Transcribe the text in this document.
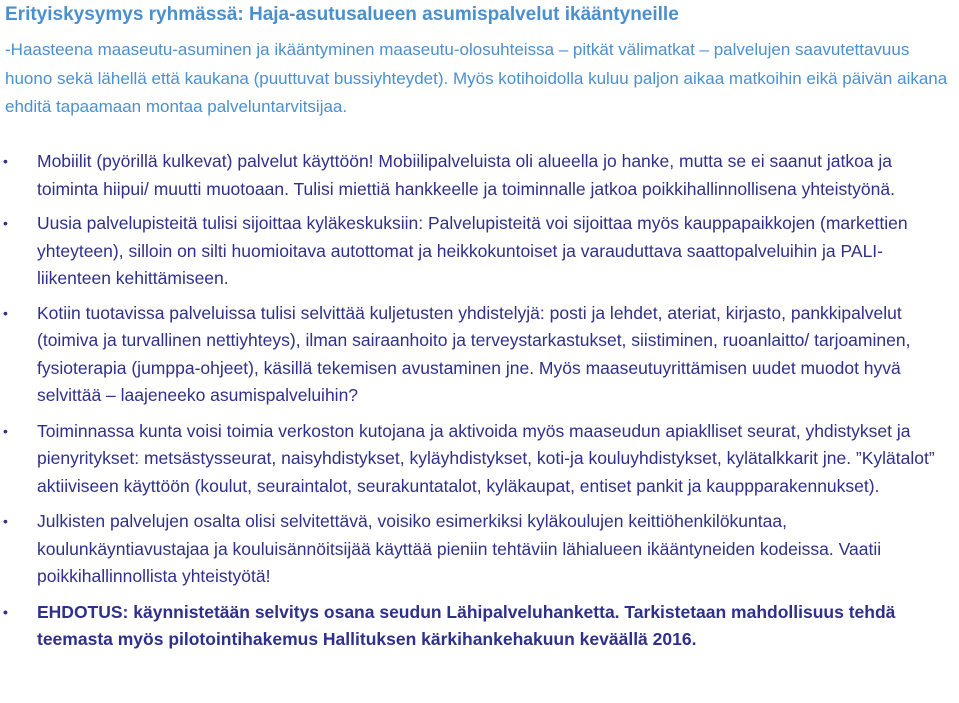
Erityiskysymys ryhmässä: Haja-asutusalueen asumispalvelut ikääntyneille
-Haasteena maaseutu-asuminen ja ikääntyminen maaseutu-olosuhteissa – pitkät välimatkat – palvelujen saavutettavuus huono sekä lähellä että kaukana (puuttuvat bussiyhteydet). Myös kotihoidolla kuluu paljon aikaa matkoihin eikä päivän aikana ehditä tapaamaan montaa palveluntarvitsijaa.
•	Mobiilit (pyörillä kulkevat) palvelut käyttöön! Mobiilipalveluista oli alueella jo hanke, mutta se ei saanut jatkoa ja toiminta hiipui/ muutti muotoaan. Tulisi miettiä hankkeelle ja toiminnalle jatkoa poikkihallinnollisena yhteistyönä.
•	Uusia palvelupisteitä tulisi sijoittaa kyläkeskuksiin: Palvelupisteitä voi sijoittaa myös kauppapaikkojen (markettien yhteyteen), silloin on silti huomioitava autottomat ja heikkokuntoiset ja varauduttava saattopalveluihin ja PALI-liikenteen kehittämiseen.
•	Kotiin tuotavissa palveluissa tulisi selvittää kuljetusten yhdistelyjä: posti ja lehdet, ateriat, kirjasto, pankkipalvelut (toimiva ja turvallinen nettiyhteys), ilman sairaanhoito ja terveystarkastukset, siistiminen, ruoanlaitto/ tarjoaminen, fysioterapia (jumppa-ohjeet), käsillä tekemisen avustaminen jne. Myös maaseutuyrittämisen uudet muodot hyvä selvittää – laajeneeko asumispalveluihin?
•	Toiminnassa kunta voisi toimia verkoston kutojana ja aktivoida myös maaseudun apiaklliset seurat, yhdistykset ja pienyritykset: metsästysseurat, naisyhdistykset, kyläyhdistykset, koti-ja kouluyhdistykset, kylätalkkarit jne. ”Kylätalot” aktiiviseen käyttöön (koulut, seuraintalot, seurakuntatalot, kyläkaupat, entiset pankit ja kauppparakennukset).
•	Julkisten palvelujen osalta olisi selvitettävä, voisiko esimerkiksi kyläkoulujen keittiöhenkilökuntaa, koulunkäyntiavustajaa ja kouluisännöitsijää käyttää pieniin tehtäviin lähialueen ikääntyneiden kodeissa. Vaatii poikkihallinnollista yhteistyötä!
•	EHDOTUS: käynnistetään selvitys osana seudun Lähipalveluhanketta. Tarkistetaan mahdollisuus tehdä teemasta myös pilotointihakemus Hallituksen kärkihankehakuun keväällä 2016.
